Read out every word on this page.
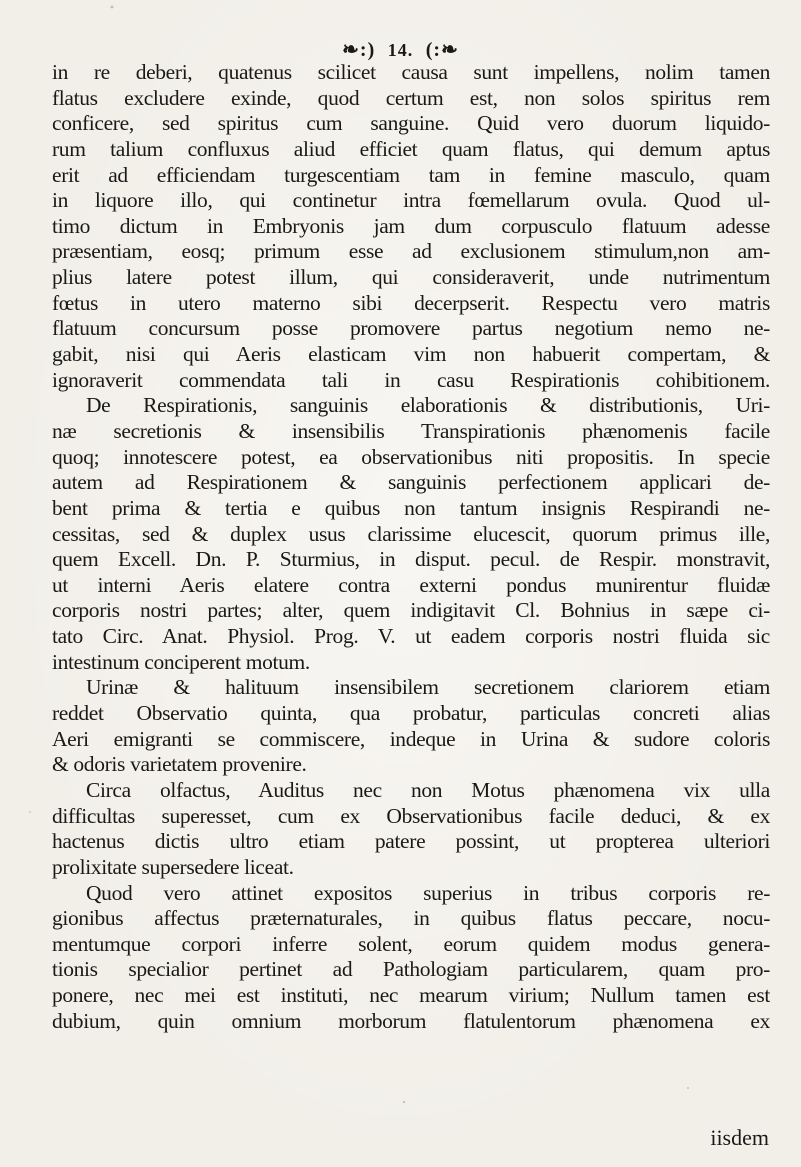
❧:) 14. (:❧
in re deberi, quatenus scilicet causa sunt impellens, nolim tamen
flatus excludere exinde, quod certum est, non solos spiritus rem
conficere, sed spiritus cum sanguine. Quid vero duorum liquido-
rum talium confluxus aliud efficiet quam flatus, qui demum aptus
erit ad efficiendam turgescentiam tam in femine masculo, quam
in liquore illo, qui continetur intra fœmellarum ovula. Quod ul-
timo dictum in Embryonis jam dum corpusculo flatuum adesse
præsentiam, eosq; primum esse ad exclusionem stimulum,non am-
plius latere potest illum, qui consideraverit, unde nutrimentum
fœtus in utero materno sibi decerpserit. Respectu vero matris
flatuum concursum posse promovere partus negotium nemo ne-
gabit, nisi qui Aeris elasticam vim non habuerit compertam, &
ignoraverit commendata tali in casu Respirationis cohibitionem.
De Respirationis, sanguinis elaborationis & distributionis, Uri-
næ secretionis & insensibilis Transpirationis phænomenis facile
quoq; innotescere potest, ea observationibus niti propositis. In specie
autem ad Respirationem & sanguinis perfectionem applicari de-
bent prima & tertia e quibus non tantum insignis Respirandi ne-
cessitas, sed & duplex usus clarissime elucescit, quorum primus ille,
quem Excell. Dn. P. Sturmius, in disput. pecul. de Respir. monstravit,
ut interni Aeris elatere contra externi pondus munirentur fluidæ
corporis nostri partes; alter, quem indigitavit Cl. Bohnius in sæpe ci-
tato Circ. Anat. Physiol. Prog. V. ut eadem corporis nostri fluida sic
intestinum conciperent motum.
Urinæ & halituum insensibilem secretionem clariorem etiam
reddet Observatio quinta, qua probatur, particulas concreti alias
Aeri emigranti se commiscere, indeque in Urina & sudore coloris
& odoris varietatem provenire.
Circa olfactus, Auditus nec non Motus phænomena vix ulla
difficultas superesset, cum ex Observationibus facile deduci, & ex
hactenus dictis ultro etiam patere possint, ut propterea ulteriori
prolixitate supersedere liceat.
Quod vero attinet expositos superius in tribus corporis re-
gionibus affectus præternaturales, in quibus flatus peccare, nocu-
mentumque corpori inferre solent, eorum quidem modus genera-
tionis specialior pertinet ad Pathologiam particularem, quam pro-
ponere, nec mei est instituti, nec mearum virium; Nullum tamen est
dubium, quin omnium morborum flatulentorum phænomena ex
iisdem
